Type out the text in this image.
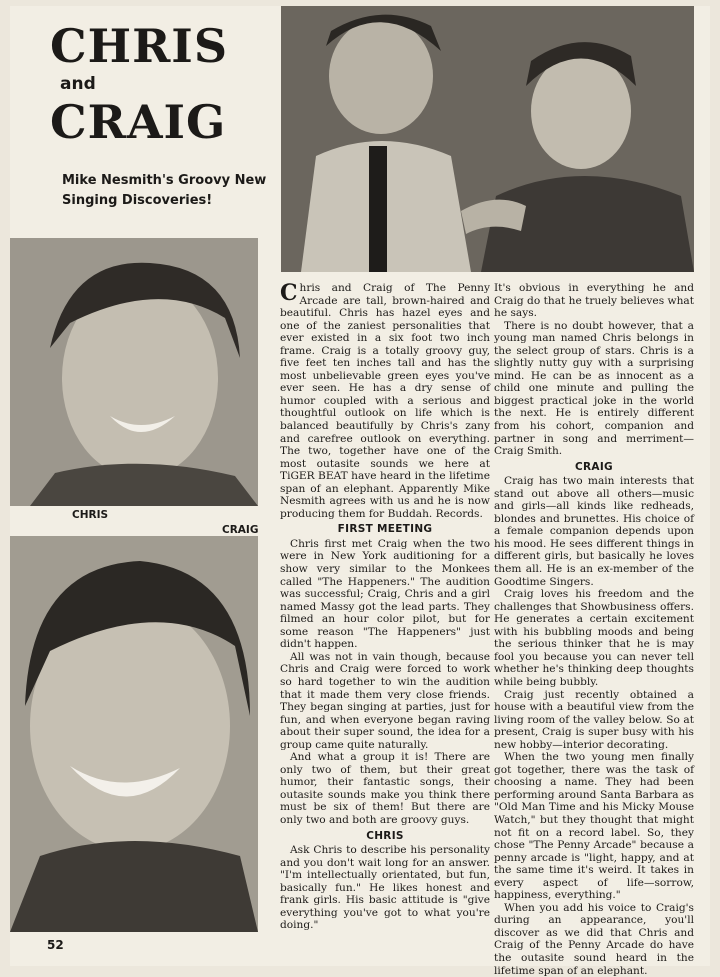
CHRIS
and
CRAIG
Mike Nesmith's Groovy New Singing Discoveries!
CHRIS
CRAIG
52

Chris and Craig of The Penny Arcade are tall, brown-haired and beautiful. Chris has hazel eyes and one of the zaniest personalities that ever existed in a six foot two inch frame. Craig is a totally groovy guy, five feet ten inches tall and has the most unbelievable green eyes you've ever seen. He has a dry sense of humor coupled with a serious and thoughtful outlook on life which is balanced beautifully by Chris's zany and carefree outlook on everything. The two, together have one of the most outasite sounds we here at TiGER BEAT have heard in the lifetime span of an elephant. Apparently Mike Nesmith agrees with us and he is now producing them for Buddah. Records.

FIRST MEETING

Chris first met Craig when the two were in New York auditioning for a show very similar to the Monkees called "The Happeners." The audition was successful; Craig, Chris and a girl named Massy got the lead parts. They filmed an hour color pilot, but for some reason "The Happeners" just didn't happen.

All was not in vain though, because Chris and Craig were forced to work so hard together to win the audition that it made them very close friends. They began singing at parties, just for fun, and when everyone began raving about their super sound, the idea for a group came quite naturally.

And what a group it is! There are only two of them, but their great humor, their fantastic songs, their outasite sounds make you think there must be six of them! But there are only two and both are groovy guys.

CHRIS

Ask Chris to describe his personality and you don't wait long for an answer. "I'm intellectually orientated, but fun, basically fun." He likes honest and frank girls. His basic attitude is "give everything you've got to what you're doing."

It's obvious in everything he and Craig do that he truely believes what he says.

There is no doubt however, that a young man named Chris belongs in the select group of stars. Chris is a slightly nutty guy with a surprising mind. He can be as innocent as a child one minute and pulling the biggest practical joke in the world the next. He is entirely different from his cohort, companion and partner in song and merriment—Craig Smith.

CRAIG

Craig has two main interests that stand out above all others—music and girls—all kinds like redheads, blondes and brunettes. His choice of a female companion depends upon his mood. He sees different things in different girls, but basically he loves them all. He is an ex-member of the Goodtime Singers.

Craig loves his freedom and the challenges that Showbusiness offers. He generates a certain excitement with his bubbling moods and being the serious thinker that he is may fool you because you can never tell whether he's thinking deep thoughts while being bubbly.

Craig just recently obtained a house with a beautiful view from the living room of the valley below. So at present, Craig is super busy with his new hobby—interior decorating.

When the two young men finally got together, there was the task of choosing a name. They had been performing around Santa Barbara as "Old Man Time and his Micky Mouse Watch," but they thought that might not fit on a record label. So, they chose "The Penny Arcade" because a penny arcade is "light, happy, and at the same time it's weird. It takes in every aspect of life—sorrow, happiness, everything."

When you add his voice to Craig's during an appearance, you'll discover as we did that Chris and Craig of the Penny Arcade do have the outasite sound heard in the lifetime span of an elephant.
